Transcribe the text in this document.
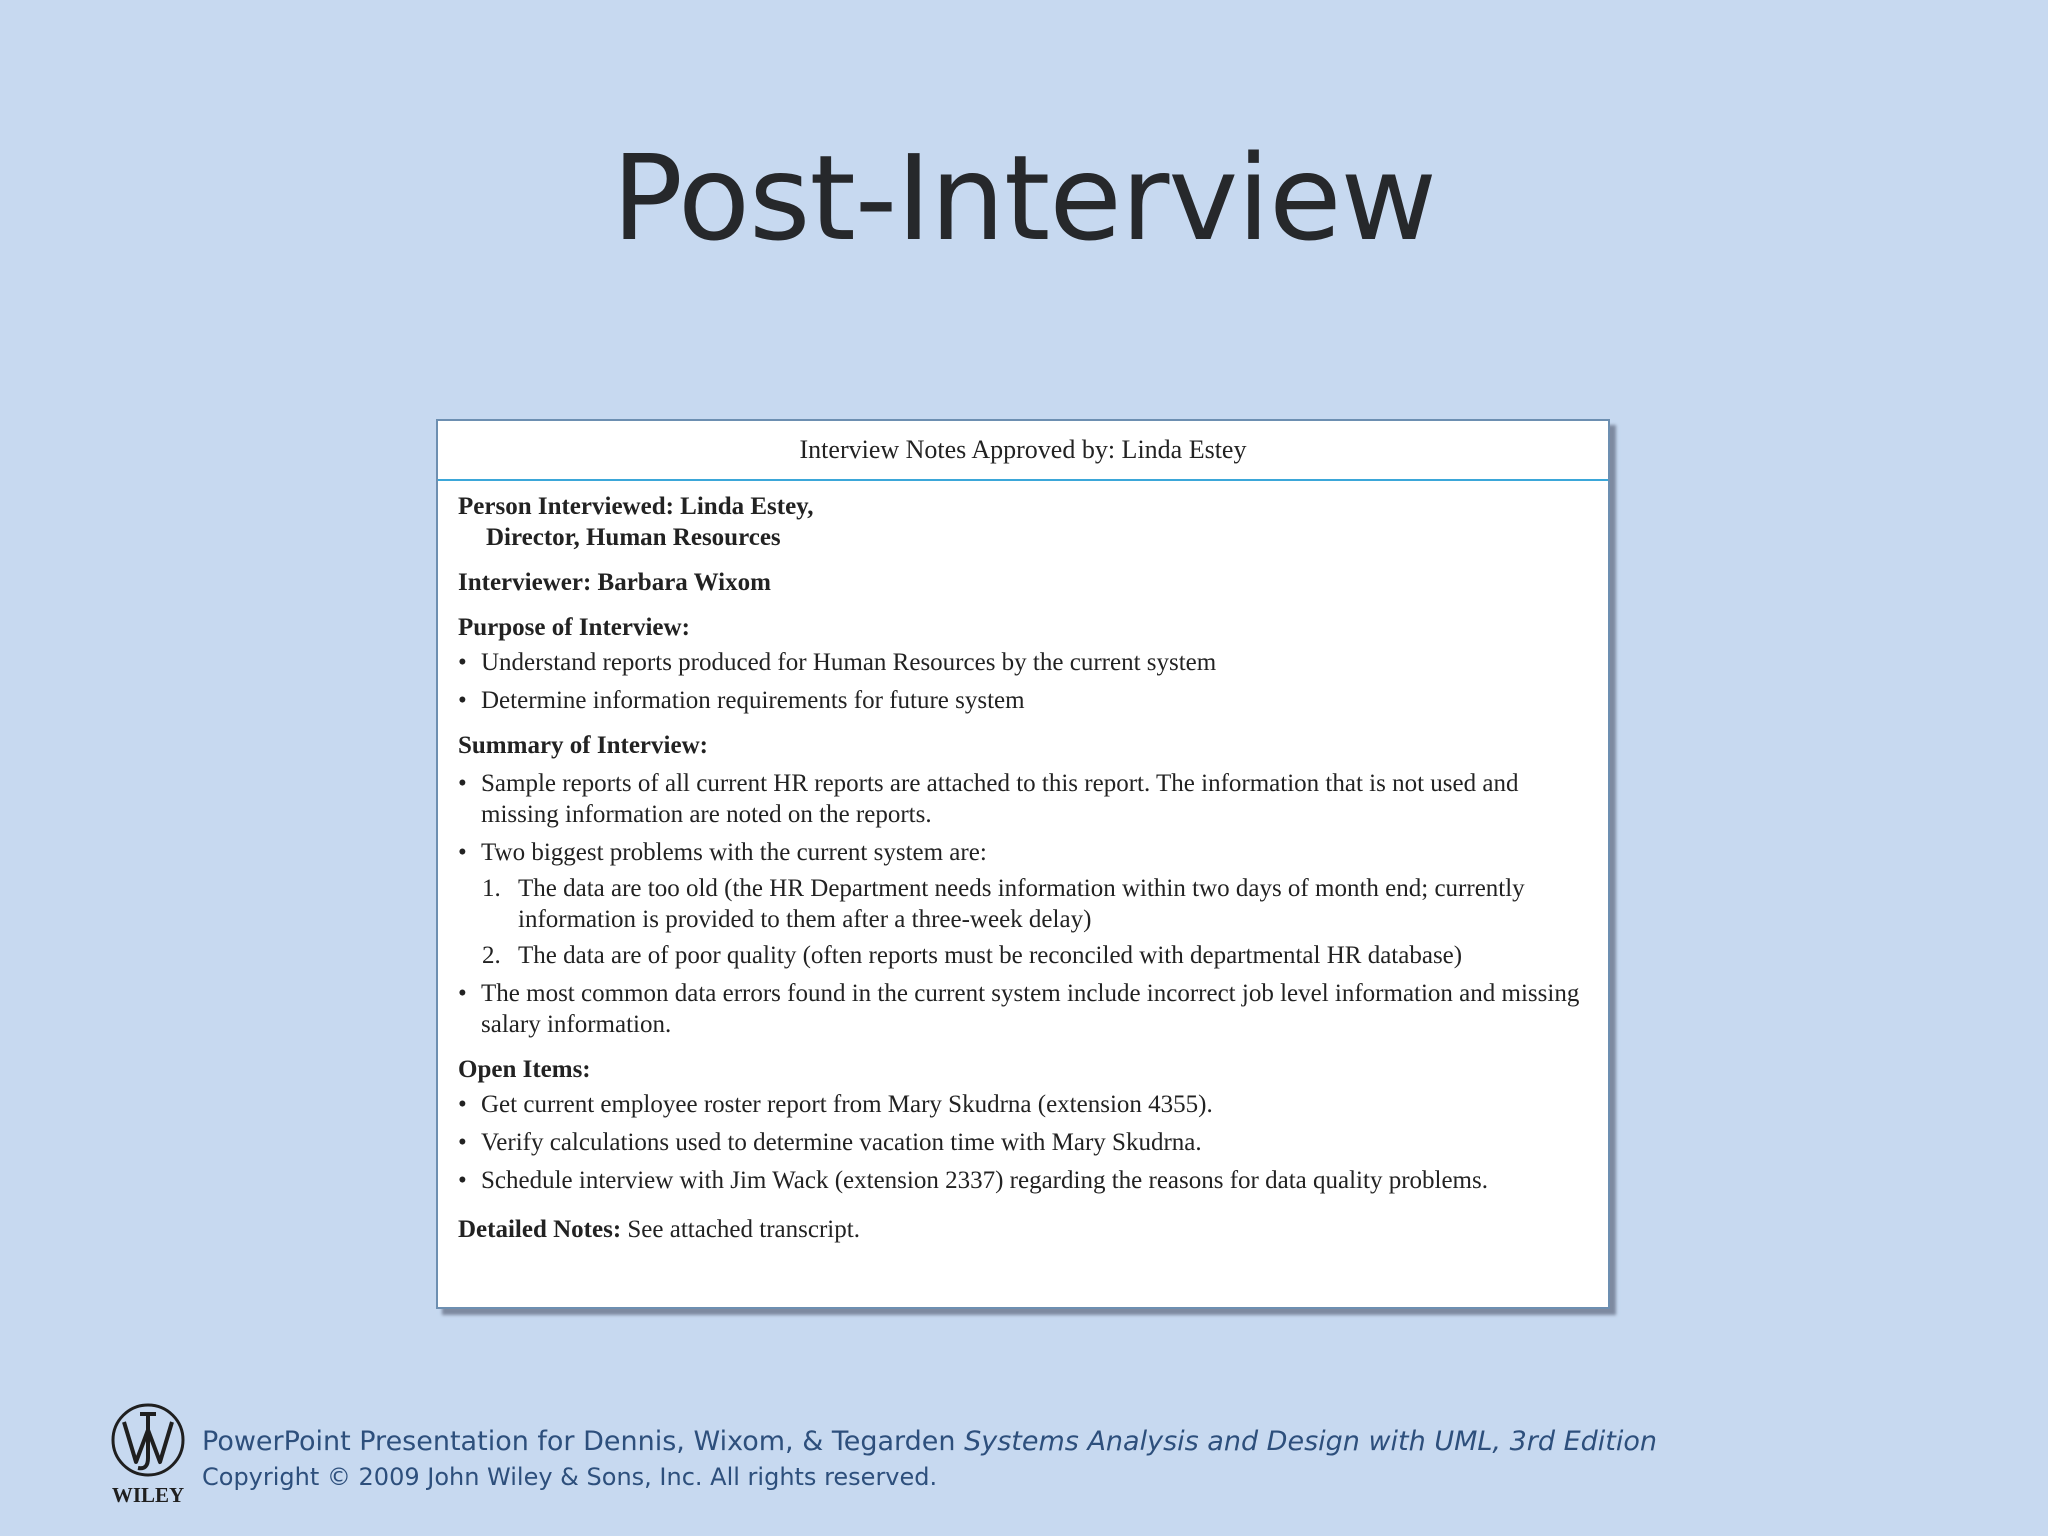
Post-Interview
Interview Notes Approved by: Linda Estey
Person Interviewed: Linda Estey,
Director, Human Resources
Interviewer: Barbara Wixom
Purpose of Interview:
• Understand reports produced for Human Resources by the current system
• Determine information requirements for future system
Summary of Interview:
• Sample reports of all current HR reports are attached to this report. The information that is not used and missing information are noted on the reports.
• Two biggest problems with the current system are:
1. The data are too old (the HR Department needs information within two days of month end; currently information is provided to them after a three-week delay)
2. The data are of poor quality (often reports must be reconciled with departmental HR database)
• The most common data errors found in the current system include incorrect job level information and missing salary information.
Open Items:
• Get current employee roster report from Mary Skudrna (extension 4355).
• Verify calculations used to determine vacation time with Mary Skudrna.
• Schedule interview with Jim Wack (extension 2337) regarding the reasons for data quality problems.
Detailed Notes: See attached transcript.
WILEY
PowerPoint Presentation for Dennis, Wixom, & Tegarden Systems Analysis and Design with UML, 3rd Edition
Copyright © 2009 John Wiley & Sons, Inc. All rights reserved.
